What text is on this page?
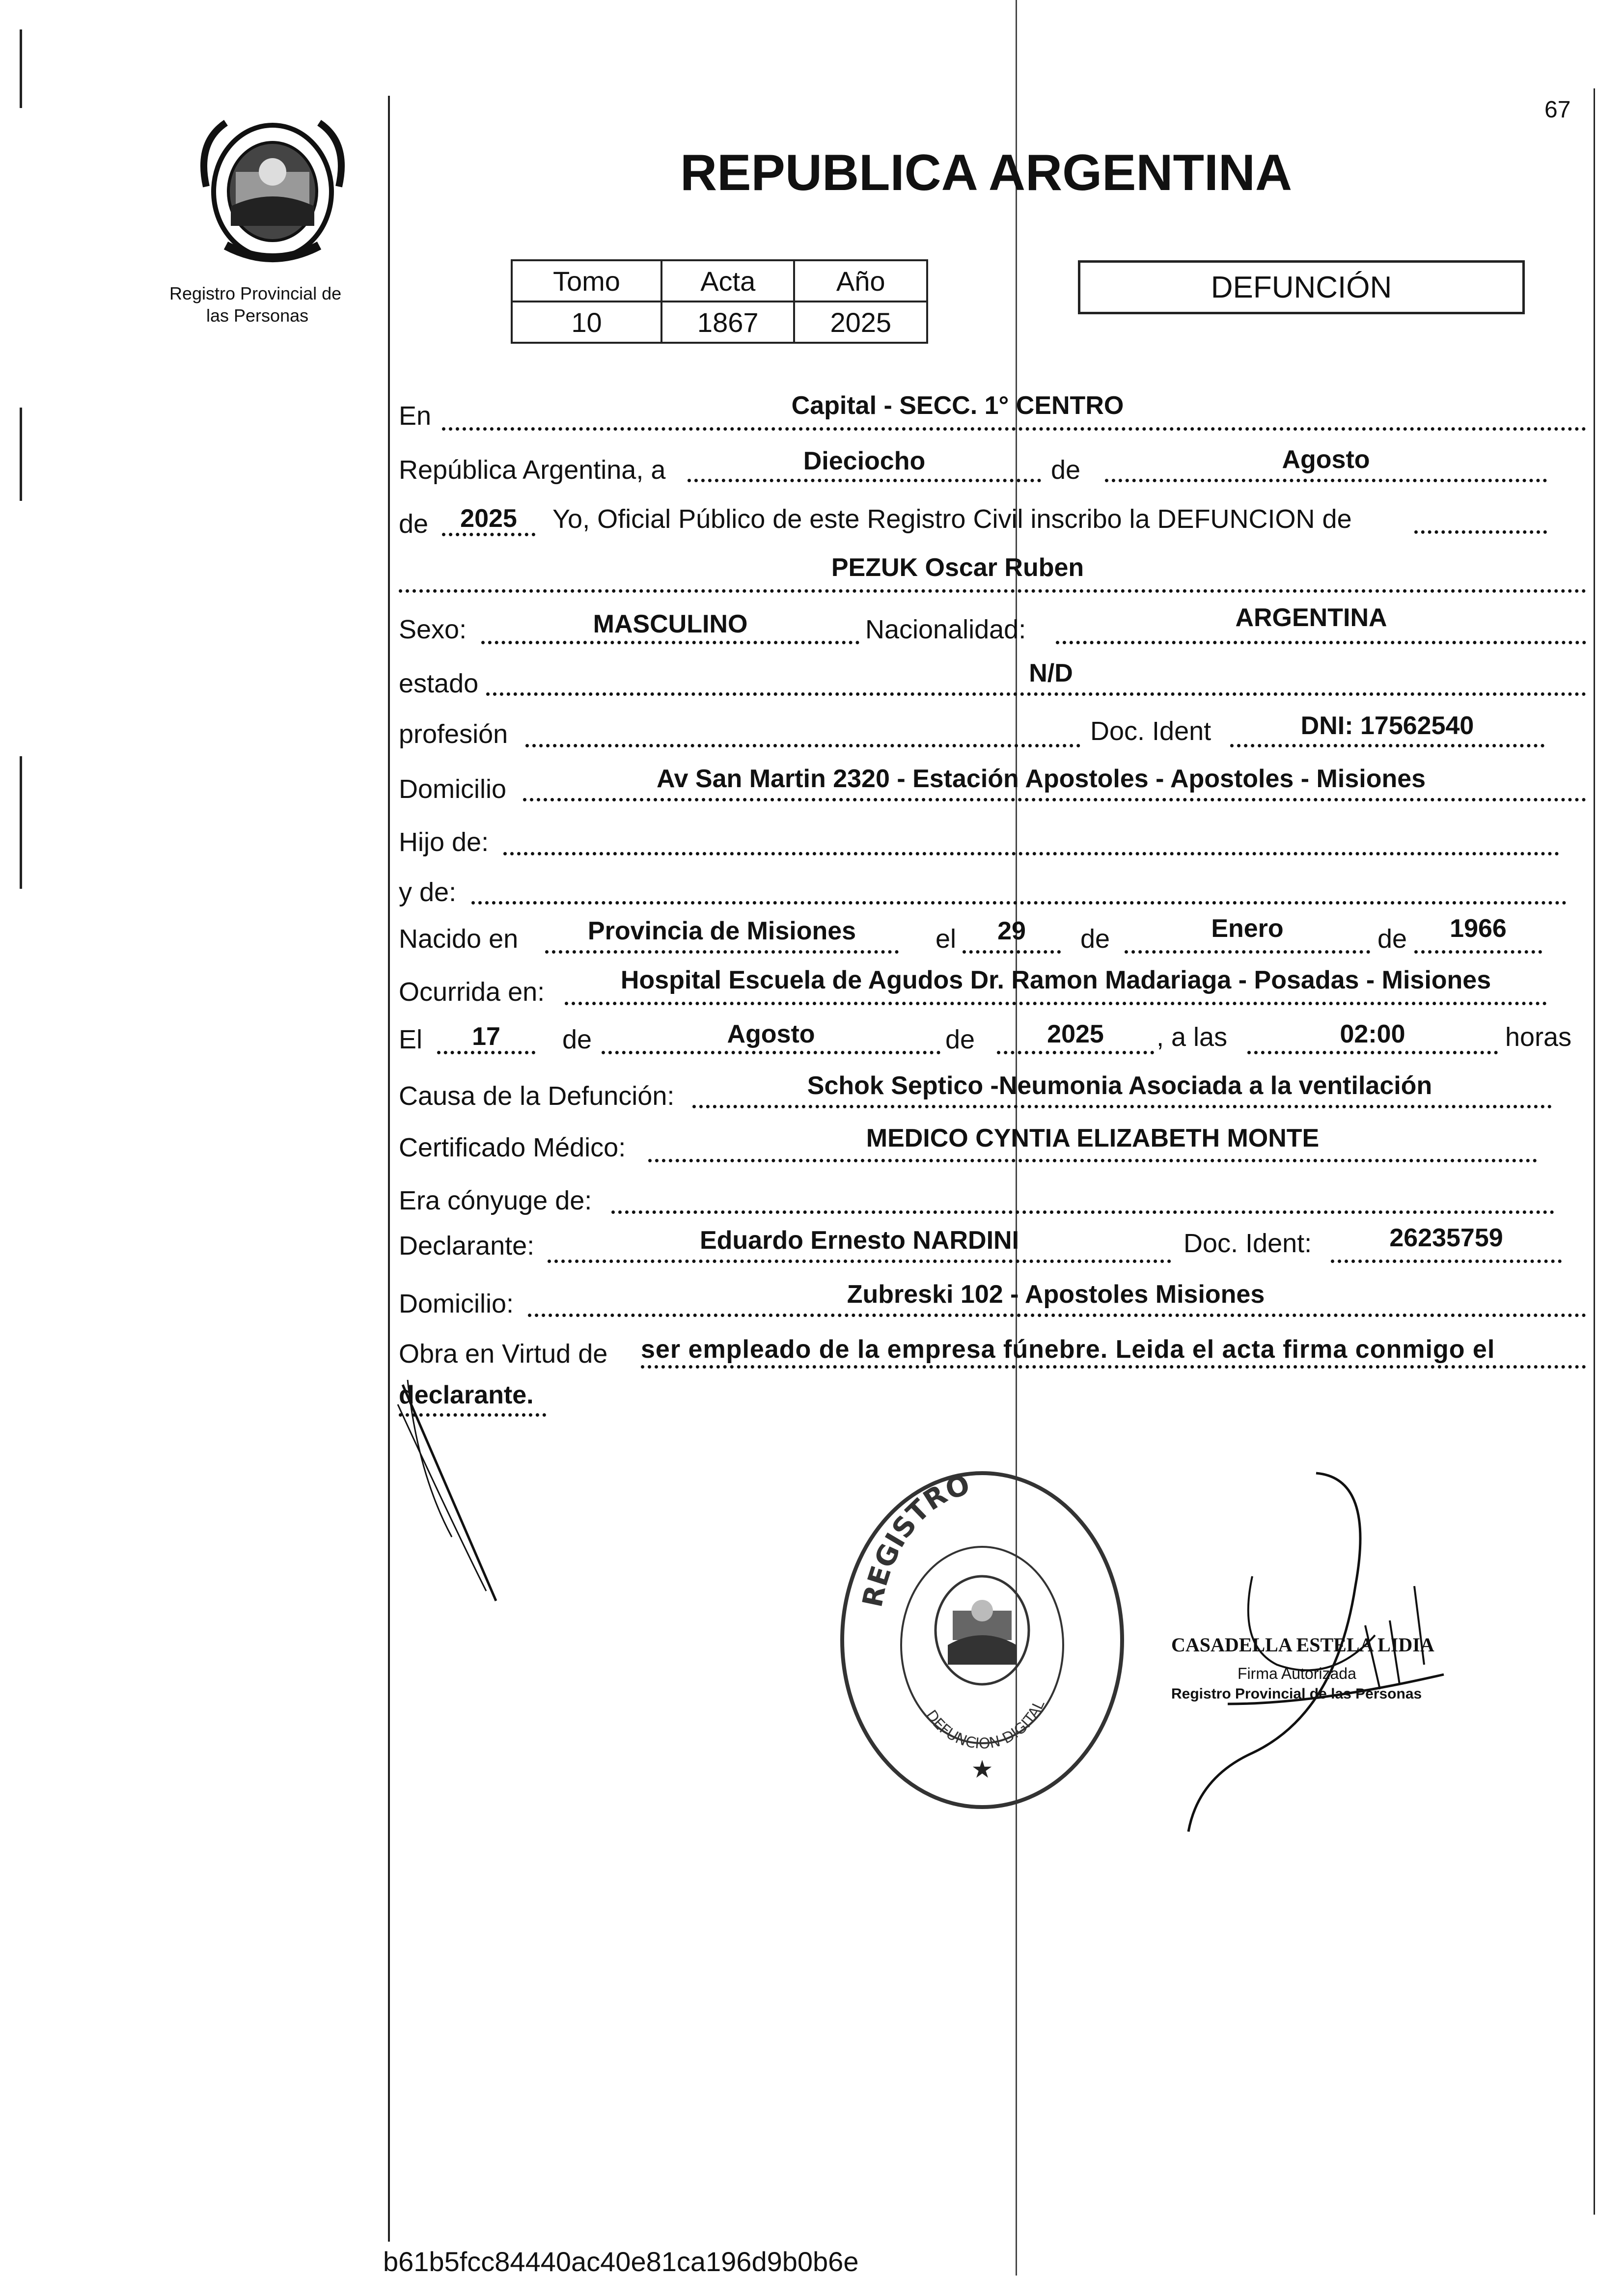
67
Registro Provincial de
las Personas
REPUBLICA ARGENTINA
Tomo	Acta	Año
10	1867	2025
DEFUNCIÓN
En	Capital - SECC. 1° CENTRO
República Argentina, a	Dieciocho	de	Agosto
de	2025	Yo, Oficial Público de este Registro Civil inscribo la DEFUNCION de
PEZUK Oscar Ruben
Sexo:	MASCULINO	Nacionalidad:	ARGENTINA
estado	N/D
profesión	Doc. Ident	DNI: 17562540
Domicilio	Av San Martin 2320 - Estación Apostoles - Apostoles - Misiones
Hijo de:
y de:
Nacido en	Provincia de Misiones	el	29	de	Enero	de	1966
Ocurrida en:	Hospital Escuela de Agudos Dr. Ramon Madariaga - Posadas - Misiones
El	17	de	Agosto	de	2025	, a las	02:00	horas
Causa de la Defunción:	Schok Septico -Neumonia Asociada a la ventilación
Certificado Médico:	MEDICO CYNTIA ELIZABETH MONTE
Era cónyuge de:
Declarante:	Eduardo Ernesto NARDINI	Doc. Ident:	26235759
Domicilio:	Zubreski 102 - Apostoles Misiones
Obra en Virtud de ser empleado de la empresa fúnebre. Leida el acta firma conmigo el
declarante.
REGISTRO
DEFUNCION DIGITAL
★
CASADELLA ESTELA LIDIA
Firma Autorizada
Registro Provincial de las Personas
b61b5fcc84440ac40e81ca196d9b0b6e
